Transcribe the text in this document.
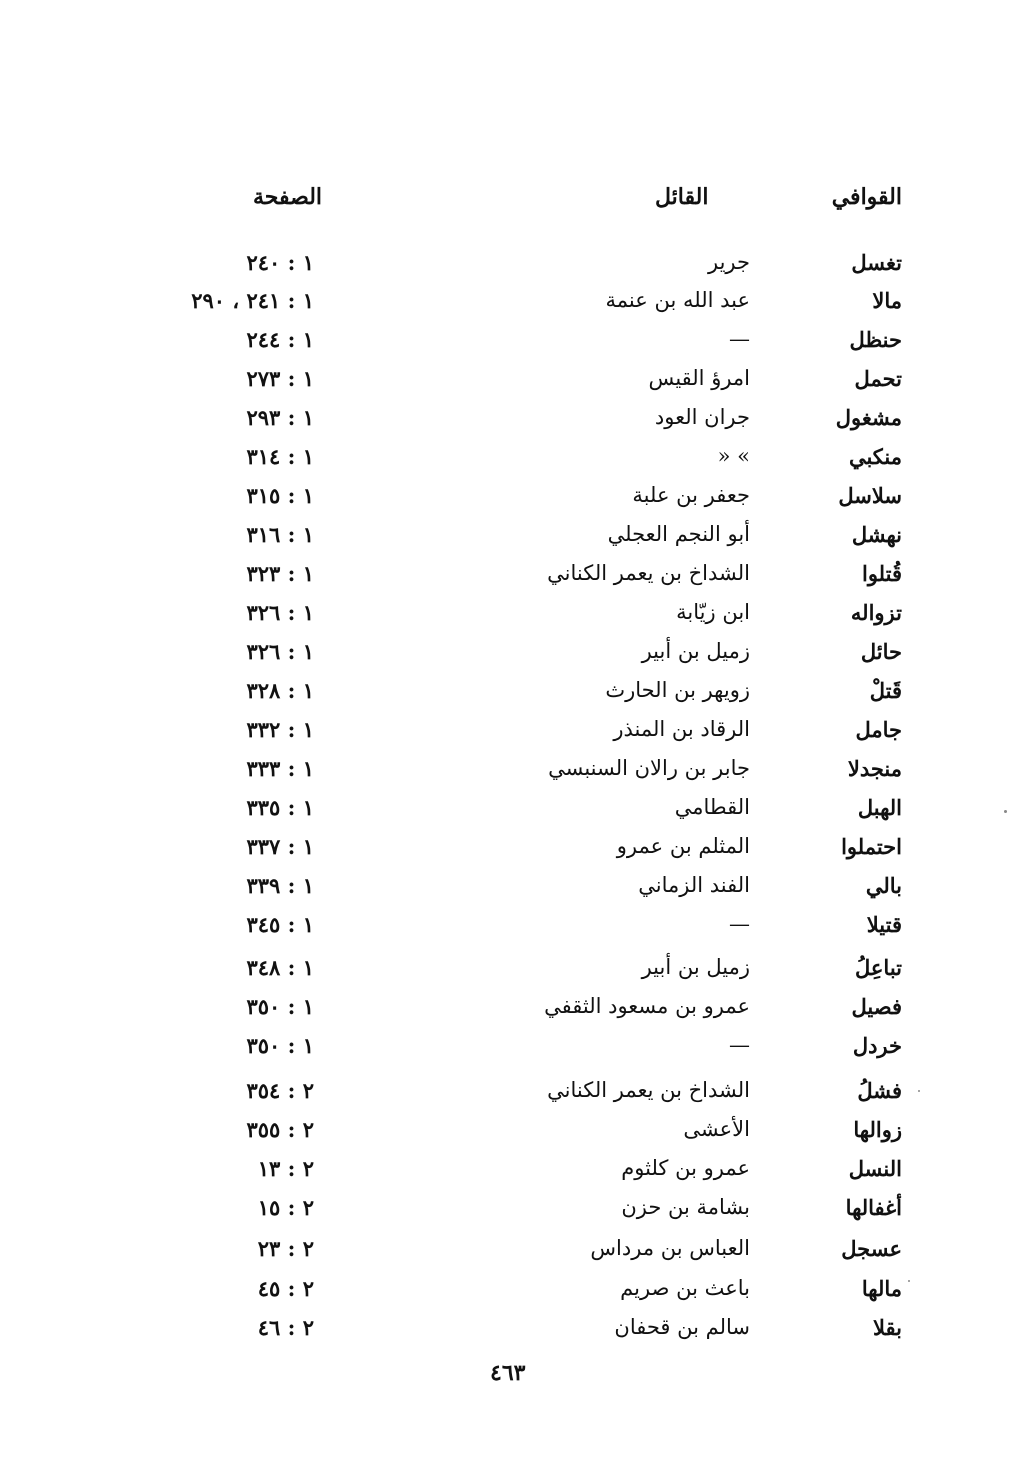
القوافي
القائل
الصفحة
تغسل
جرير
١ : ٢٤٠
مالا
عبد الله بن عنمة
١ : ٢٤١ ، ٢٩٠
حنظل
—
١ : ٢٤٤
تحمل
امرؤ القيس
١ : ٢٧٣
مشغول
جران العود
١ : ٢٩٣
منكبي
» «
١ : ٣١٤
سلاسل
جعفر بن علبة
١ : ٣١٥
نهشل
أبو النجم العجلي
١ : ٣١٦
قُتلوا
الشداخ بن يعمر الكناني
١ : ٣٢٣
تزواله
ابن زيّابة
١ : ٣٢٦
حائل
زميل بن أبير
١ : ٣٢٦
قَتلْ
زويهر بن الحارث
١ : ٣٢٨
جامل
الرقاد بن المنذر
١ : ٣٣٢
منجدلا
جابر بن رالان السنبسي
١ : ٣٣٣
الهبل
القطامي
١ : ٣٣٥
احتملوا
المثلم بن عمرو
١ : ٣٣٧
بالي
الفند الزماني
١ : ٣٣٩
قتيلا
—
١ : ٣٤٥
تباعِلُ
زميل بن أبير
١ : ٣٤٨
فصيل
عمرو بن مسعود الثقفي
١ : ٣٥٠
خردل
—
١ : ٣٥٠
فشلُ
الشداخ بن يعمر الكناني
٢ : ٣٥٤
زوالها
الأعشى
٢ : ٣٥٥
النسل
عمرو بن كلثوم
٢ : ١٣
أغفالها
بشامة بن حزن
٢ : ١٥
عسجل
العباس بن مرداس
٢ : ٢٣
مالها
باعث بن صريم
٢ : ٤٥
بقلا
سالم بن قحفان
٢ : ٤٦
٤٦٣
